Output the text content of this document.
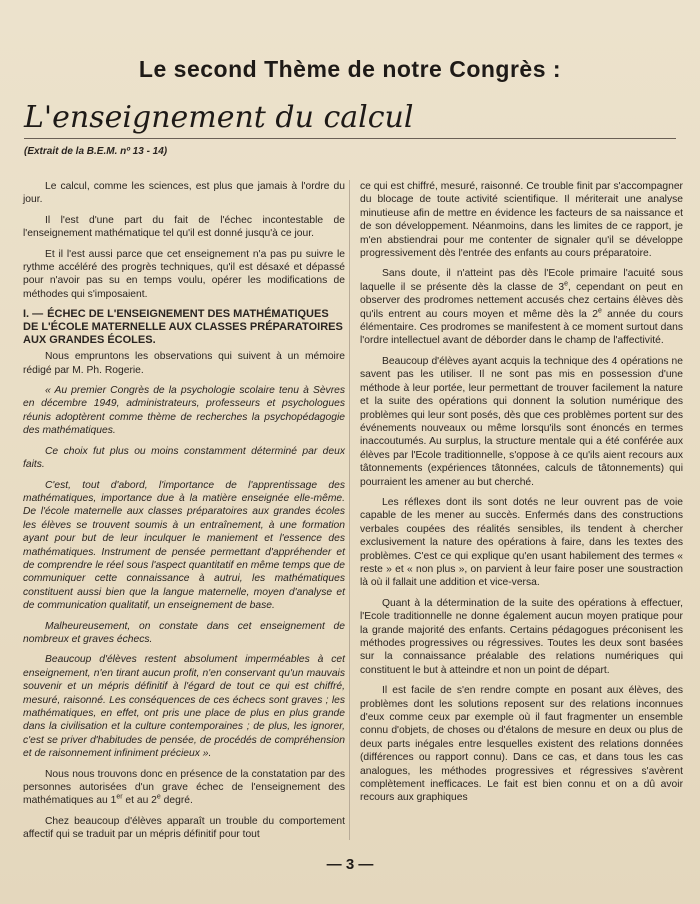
Le second Thème de notre Congrès :
L'enseignement du calcul
(Extrait de la B.E.M. nº 13 - 14)

Le calcul, comme les sciences, est plus que jamais à l'ordre du jour.

Il l'est d'une part du fait de l'échec incontestable de l'enseignement mathématique tel qu'il est donné jusqu'à ce jour.

Et il l'est aussi parce que cet enseignement n'a pas pu suivre le rythme accéléré des progrès techniques, qu'il est désaxé et dépassé pour n'avoir pas su en temps voulu, opérer les modifications de méthodes qui s'imposaient.

I. — ÉCHEC DE L'ENSEIGNEMENT DES MATHÉMATIQUES DE L'ÉCOLE MATERNELLE AUX CLASSES PRÉPARATOIRES AUX GRANDES ÉCOLES.

Nous empruntons les observations qui suivent à un mémoire rédigé par M. Ph. Rogerie.

« Au premier Congrès de la psychologie scolaire tenu à Sèvres en décembre 1949, administrateurs, professeurs et psychologues réunis adoptèrent comme thème de recherches la psychopédagogie des mathématiques.

Ce choix fut plus ou moins constamment déterminé par deux faits.

C'est, tout d'abord, l'importance de l'apprentissage des mathématiques, importance due à la matière enseignée elle-même. De l'école maternelle aux classes préparatoires aux grandes écoles les élèves se trouvent soumis à un entraînement, à une formation ayant pour but de leur inculquer le maniement et l'essence des mathématiques. Instrument de pensée permettant d'appréhender et de comprendre le réel sous l'aspect quantitatif en même temps que de communiquer cette connaissance à autrui, les mathématiques constituent aussi bien que la langue maternelle, moyen d'analyse et de communication qualitatif, un enseignement de base.

Malheureusement, on constate dans cet enseignement de nombreux et graves échecs.

Beaucoup d'élèves restent absolument imperméables à cet enseignement, n'en tirant aucun profit, n'en conservant qu'un mauvais souvenir et un mépris définitif à l'égard de tout ce qui est chiffré, mesuré, raisonné. Les conséquences de ces échecs sont graves ; les mathématiques, en effet, ont pris une place de plus en plus grande dans la civilisation et la culture contemporaines ; de plus, les ignorer, c'est se priver d'habitudes de pensée, de procédés de compréhension et de raisonnement infiniment précieux ».

Nous nous trouvons donc en présence de la constatation par des personnes autorisées d'un grave échec de l'enseignement des mathématiques au 1er et au 2e degré.

Chez beaucoup d'élèves apparaît un trouble du comportement affectif qui se traduit par un mépris définitif pour tout

ce qui est chiffré, mesuré, raisonné. Ce trouble finit par s'accompagner du blocage de toute activité scientifique. Il mériterait une analyse minutieuse afin de mettre en évidence les facteurs de sa naissance et de son développement. Néanmoins, dans les limites de ce rapport, je m'en abstiendrai pour me contenter de signaler qu'il se développe progressivement dès l'entrée des enfants au cours préparatoire.

Sans doute, il n'atteint pas dès l'Ecole primaire l'acuité sous laquelle il se présente dès la classe de 3e, cependant on peut en observer des prodromes nettement accusés chez certains élèves dès qu'ils entrent au cours moyen et même dès la 2e année du cours élémentaire. Ces prodromes se manifestent à ce moment surtout dans l'ordre intellectuel avant de déborder dans le champ de l'affectivité.

Beaucoup d'élèves ayant acquis la technique des 4 opérations ne savent pas les utiliser. Il ne sont pas mis en possession d'une méthode à leur portée, leur permettant de trouver facilement la nature et la suite des opérations qui donnent la solution numérique des problèmes qui leur sont posés, dès que ces problèmes portent sur des événements nouveaux ou même lorsqu'ils sont énoncés en termes inaccoutumés. Au surplus, la structure mentale qui a été conférée aux élèves par l'Ecole traditionnelle, s'oppose à ce qu'ils aient recours aux tâtonnements (expériences tâtonnées, calculs de tâtonnements) qui pourraient les amener au but cherché.

Les réflexes dont ils sont dotés ne leur ouvrent pas de voie capable de les mener au succès. Enfermés dans des constructions verbales coupées des réalités sensibles, ils tendent à chercher exclusivement la nature des opérations à faire, dans les textes des problèmes. C'est ce qui explique qu'en usant habilement des termes « reste » et « non plus », on parvient à leur faire poser une soustraction là où il fallait une addition et vice-versa.

Quant à la détermination de la suite des opérations à effectuer, l'Ecole traditionnelle ne donne également aucun moyen pratique pour la grande majorité des enfants. Certains pédagogues préconisent les méthodes progressives ou régressives. Toutes les deux sont basées sur la connaissance préalable des relations numériques qui constituent le but à atteindre et non un point de départ.

Il est facile de s'en rendre compte en posant aux élèves, des problèmes dont les solutions reposent sur des relations inconnues d'eux comme ceux par exemple où il faut fragmenter un ensemble connu d'objets, de choses ou d'étalons de mesure en deux ou plus de deux parts inégales entre lesquelles existent des relations données (différences ou rapport connu). Dans ce cas, et dans tous les cas analogues, les méthodes progressives et régressives s'avèrent complètement inefficaces. Le fait est bien connu et on a dû avoir recours aux graphiques

— 3 —
